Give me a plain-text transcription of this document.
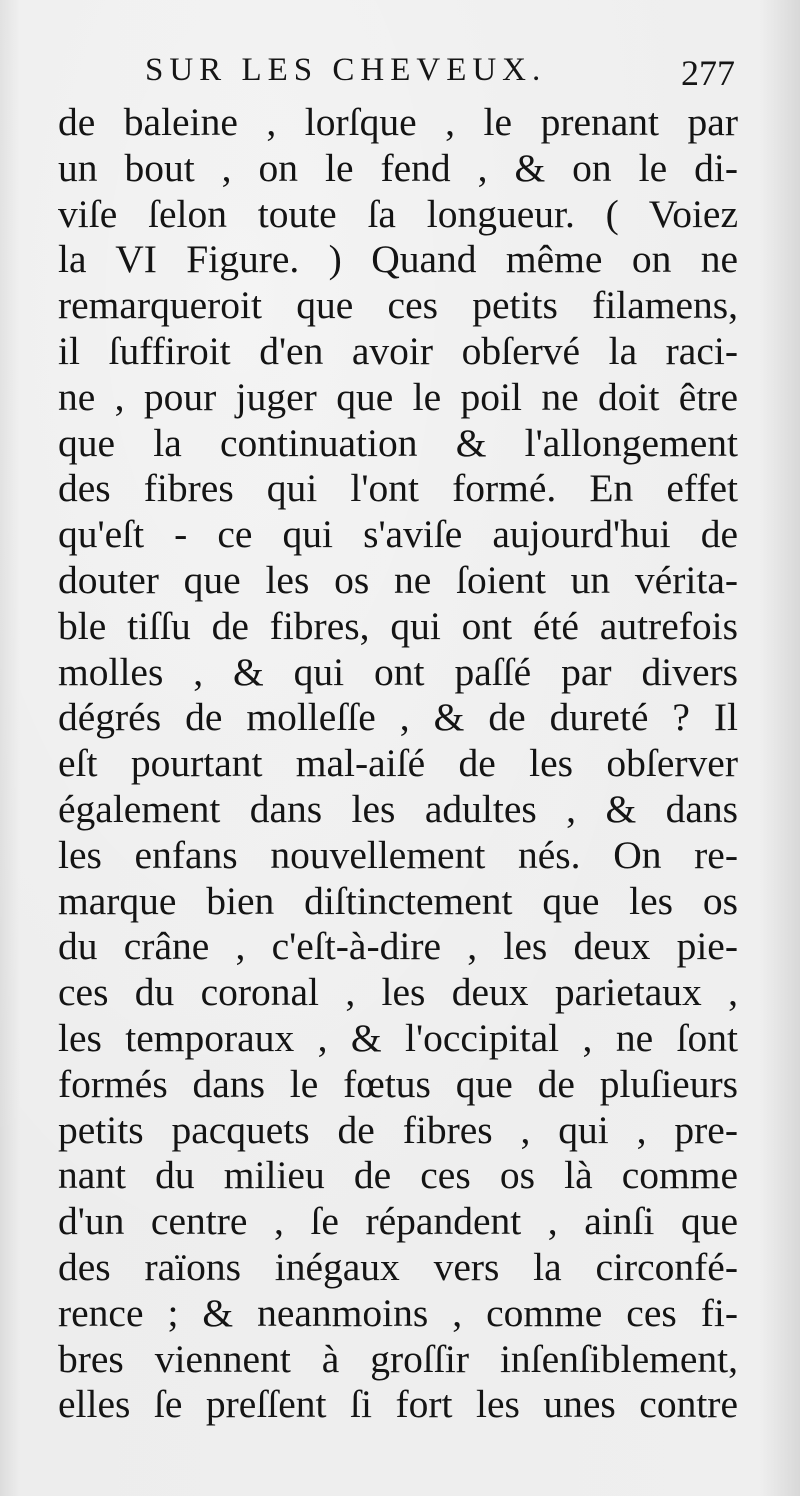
SUR LES CHEVEUX.	277
de baleine , lorſque , le prenant par
un bout , on le fend , & on le di-
viſe ſelon toute ſa longueur. ( Voiez
la VI Figure. ) Quand même on ne
remarqueroit que ces petits filamens,
il ſuffiroit d'en avoir obſervé la raci-
ne , pour juger que le poil ne doit être
que la continuation & l'allongement
des fibres qui l'ont formé. En effet
qu'eſt - ce qui s'aviſe aujourd'hui de
douter que les os ne ſoient un vérita-
ble tiſſu de fibres, qui ont été autrefois
molles , & qui ont paſſé par divers
dégrés de molleſſe , & de dureté ? Il
eſt pourtant mal-aiſé de les obſerver
également dans les adultes , & dans
les enfans nouvellement nés. On re-
marque bien diſtinctement que les os
du crâne , c'eſt-à-dire , les deux pie-
ces du coronal , les deux parietaux ,
les temporaux , & l'occipital , ne ſont
formés dans le fœtus que de pluſieurs
petits pacquets de fibres , qui , pre-
nant du milieu de ces os là comme
d'un centre , ſe répandent , ainſi que
des raïons inégaux vers la circonfé-
rence ; & neanmoins , comme ces fi-
bres viennent à groſſir inſenſiblement,
elles ſe preſſent ſi fort les unes contre
